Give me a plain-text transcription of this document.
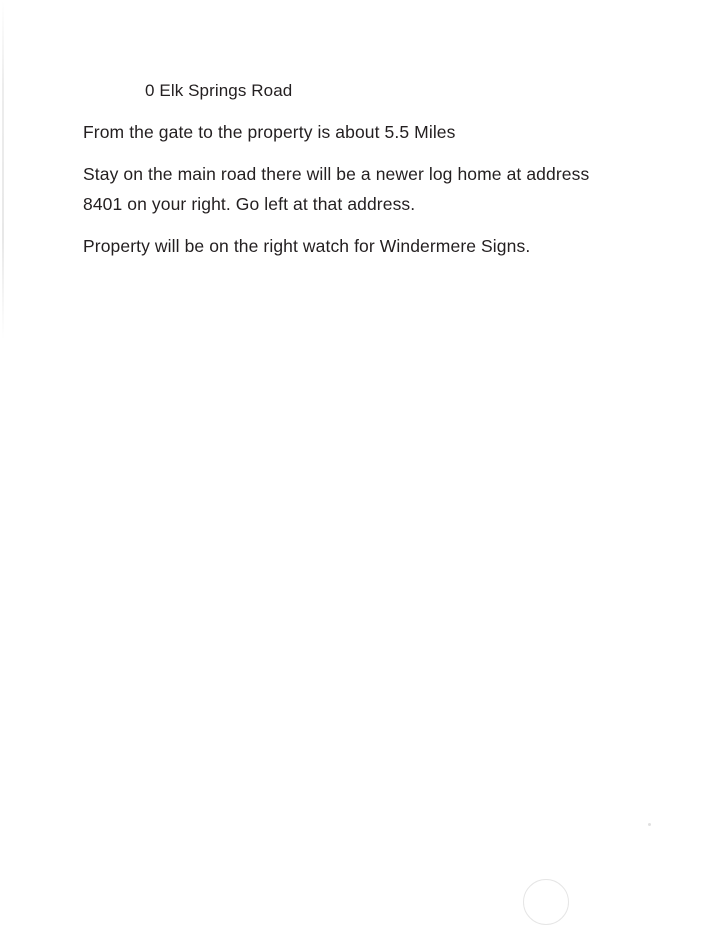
0 Elk Springs Road

From the gate to the property is about 5.5 Miles

Stay on the main road there will be a newer log home at address 8401 on your right. Go left at that address.

Property will be on the right watch for Windermere Signs.
